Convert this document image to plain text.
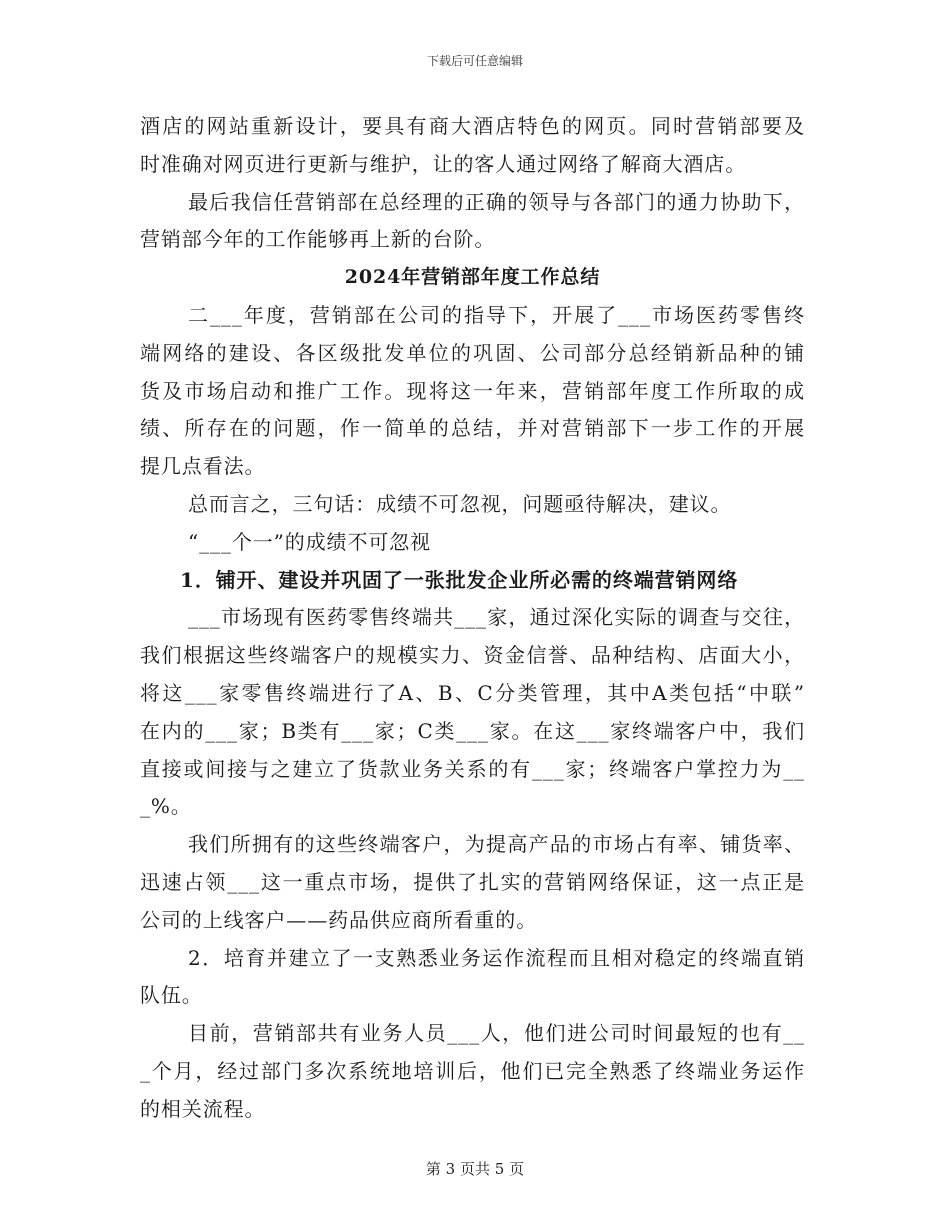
下载后可任意编辑
酒店的网站重新设计，要具有商大酒店特色的网页。同时营销部要及
时准确对网页进行更新与维护，让的客人通过网络了解商大酒店。
最后我信任营销部在总经理的正确的领导与各部门的通力协助下，
营销部今年的工作能够再上新的台阶。
2024年营销部年度工作总结
二___年度，营销部在公司的指导下，开展了___市场医药零售终
端网络的建设、各区级批发单位的巩固、公司部分总经销新品种的铺
货及市场启动和推广工作。现将这一年来，营销部年度工作所取的成
绩、所存在的问题，作一简单的总结，并对营销部下一步工作的开展
提几点看法。
总而言之，三句话：成绩不可忽视，问题亟待解决，建议。
“___个一”的成绩不可忽视
1．铺开、建设并巩固了一张批发企业所必需的终端营销网络
___市场现有医药零售终端共___家，通过深化实际的调查与交往，
我们根据这些终端客户的规模实力、资金信誉、品种结构、店面大小，
将这___家零售终端进行了A、B、C分类管理，其中A类包括“中联”
在内的___家；B类有___家；C类___家。在这___家终端客户中，我们
直接或间接与之建立了货款业务关系的有___家；终端客户掌控力为__
_%。
我们所拥有的这些终端客户，为提高产品的市场占有率、铺货率、
迅速占领___这一重点市场，提供了扎实的营销网络保证，这一点正是
公司的上线客户——药品供应商所看重的。
2．培育并建立了一支熟悉业务运作流程而且相对稳定的终端直销
队伍。
目前，营销部共有业务人员___人，他们进公司时间最短的也有__
_个月，经过部门多次系统地培训后，他们已完全熟悉了终端业务运作
的相关流程。
第 3 页共 5 页
